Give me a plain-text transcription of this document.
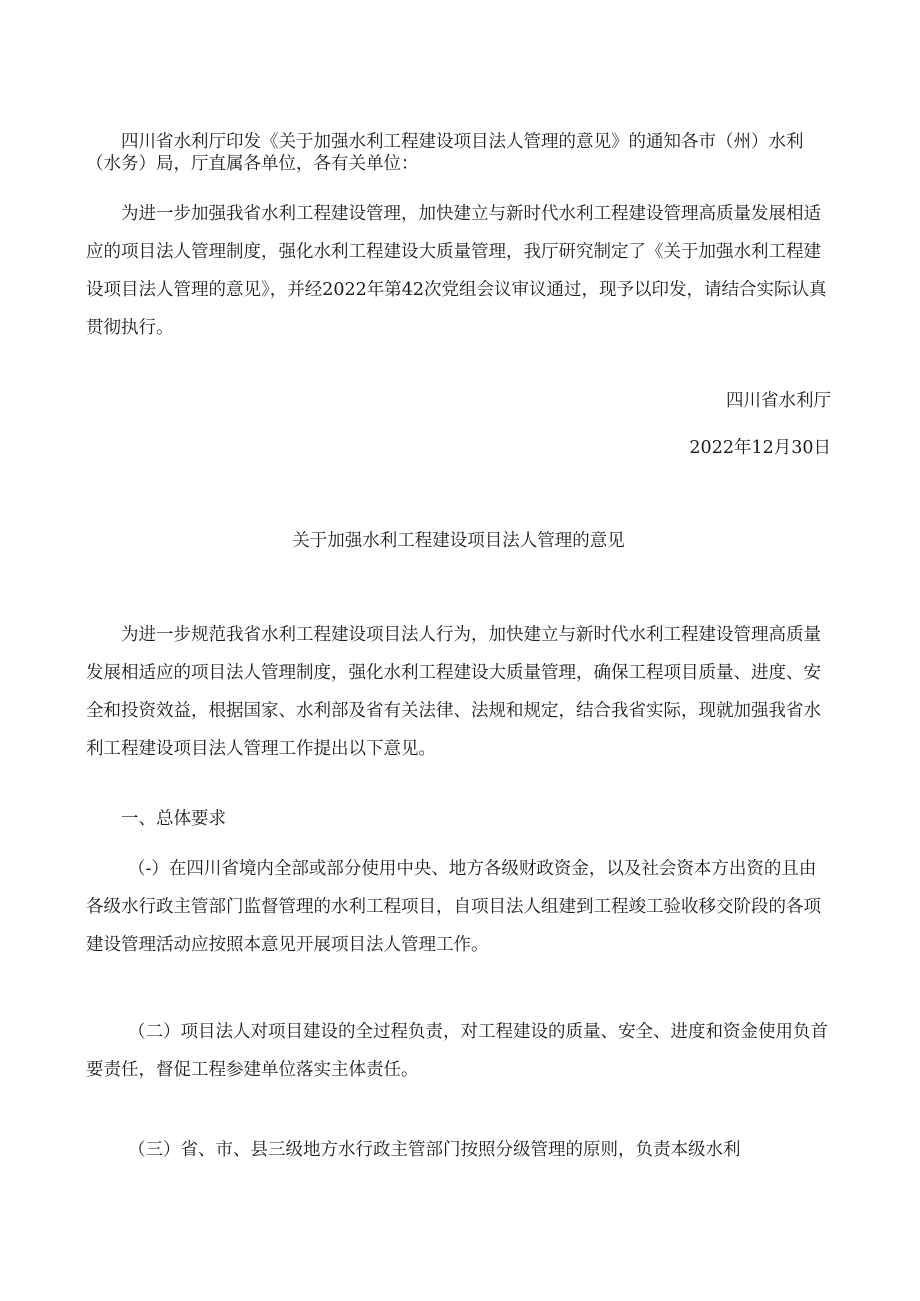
四川省水利厅印发《关于加强水利工程建设项目法人管理的意见》的通知各市（州）水利（水务）局，厅直属各单位，各有关单位：

为进一步加强我省水利工程建设管理，加快建立与新时代水利工程建设管理高质量发展相适应的项目法人管理制度，强化水利工程建设大质量管理，我厅研究制定了《关于加强水利工程建设项目法人管理的意见》，并经2022年第42次党组会议审议通过，现予以印发，请结合实际认真贯彻执行。

四川省水利厅

2022年12月30日

关于加强水利工程建设项目法人管理的意见

为进一步规范我省水利工程建设项目法人行为，加快建立与新时代水利工程建设管理高质量发展相适应的项目法人管理制度，强化水利工程建设大质量管理，确保工程项目质量、进度、安全和投资效益，根据国家、水利部及省有关法律、法规和规定，结合我省实际，现就加强我省水利工程建设项目法人管理工作提出以下意见。

一、总体要求

（-）在四川省境内全部或部分使用中央、地方各级财政资金，以及社会资本方出资的且由各级水行政主管部门监督管理的水利工程项目，自项目法人组建到工程竣工验收移交阶段的各项建设管理活动应按照本意见开展项目法人管理工作。

（二）项目法人对项目建设的全过程负责，对工程建设的质量、安全、进度和资金使用负首要责任，督促工程参建单位落实主体责任。

（三）省、市、县三级地方水行政主管部门按照分级管理的原则，负责本级水利
